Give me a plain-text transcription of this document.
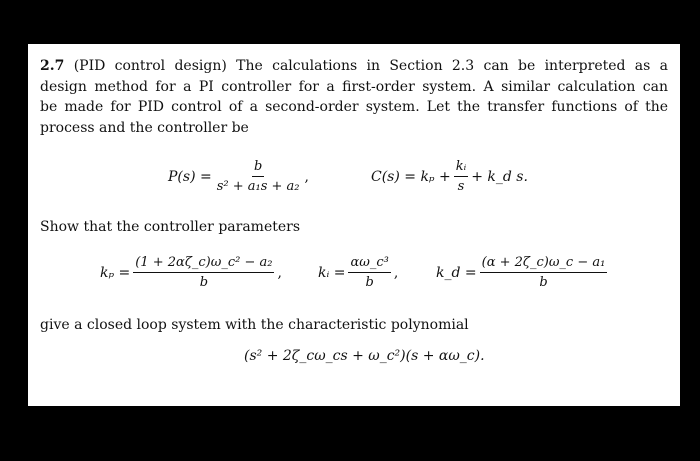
2.7 (PID control design) The calculations in Section 2.3 can be interpreted as a
design method for a PI controller for a first-order system. A similar calculation can
be made for PID control of a second-order system. Let the transfer functions of the
process and the controller be
$P(s) = \frac{b}{\text{s² + a₁s + a₂}}$ ,	$C(s) = k_p + \frac{\text{kᵢ}}{s}$ + k_d s.
Show that the controller parameters
$k_p = \frac{\text{(1 + 2αζ\_c)ω\_c² − a₂}}{b}$ ,	kᵢ = $\frac{\text{αω\_c³}}{b}$ ,	k_d = $\frac{\text{(α + 2ζ\_c)ω\_c − a₁}}{b}$
give a closed loop system with the characteristic polynomial
(s² + 2ζ_cω_cs + ω_c²)(s + αω_c).
